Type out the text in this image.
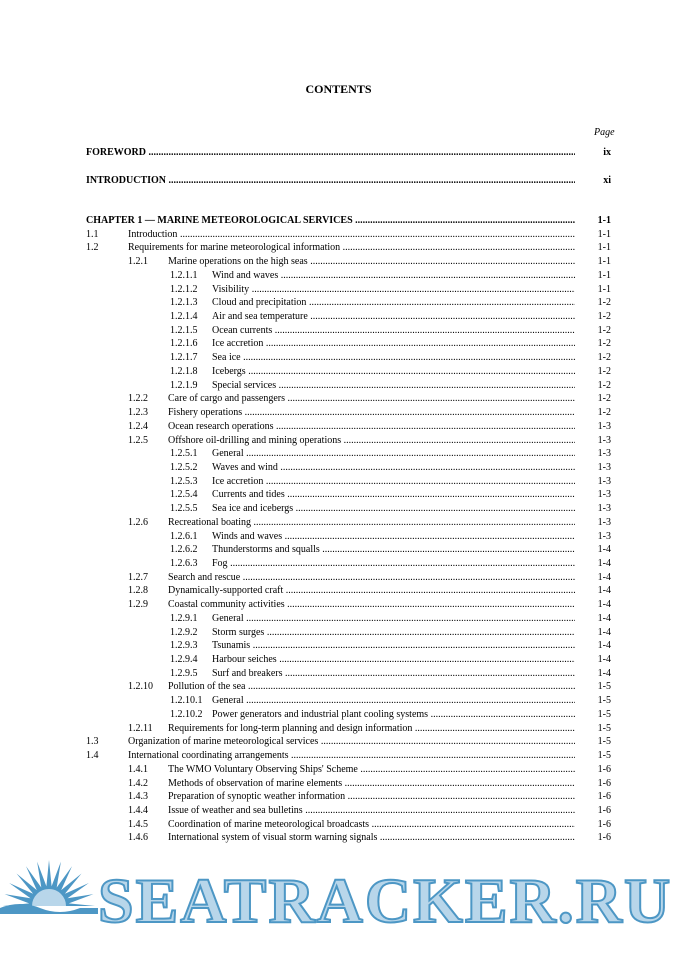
CONTENTS
Page
FOREWORD .....	ix
INTRODUCTION .....	xi
CHAPTER 1 — MARINE METEOROLOGICAL SERVICES .....	1-1
1.1	Introduction .....	1-1
1.2	Requirements for marine meteorological information .....	1-1
1.2.1 Marine operations on the high seas .....	1-1
1.2.1.1 Wind and waves .....	1-1
1.2.1.2 Visibility .....	1-1
1.2.1.3 Cloud and precipitation .....	1-2
1.2.1.4 Air and sea temperature .....	1-2
1.2.1.5 Ocean currents .....	1-2
1.2.1.6 Ice accretion .....	1-2
1.2.1.7 Sea ice .....	1-2
1.2.1.8 Icebergs .....	1-2
1.2.1.9 Special services .....	1-2
1.2.2 Care of cargo and passengers .....	1-2
1.2.3 Fishery operations .....	1-2
1.2.4 Ocean research operations .....	1-3
1.2.5 Offshore oil-drilling and mining operations .....	1-3
1.2.5.1 General .....	1-3
1.2.5.2 Waves and wind .....	1-3
1.2.5.3 Ice accretion .....	1-3
1.2.5.4 Currents and tides .....	1-3
1.2.5.5 Sea ice and icebergs .....	1-3
1.2.6 Recreational boating .....	1-3
1.2.6.1 Winds and waves .....	1-3
1.2.6.2 Thunderstorms and squalls .....	1-4
1.2.6.3 Fog .....	1-4
1.2.7 Search and rescue .....	1-4
1.2.8 Dynamically-supported craft .....	1-4
1.2.9 Coastal community activities .....	1-4
1.2.9.1 General .....	1-4
1.2.9.2 Storm surges .....	1-4
1.2.9.3 Tsunamis .....	1-4
1.2.9.4 Harbour seiches .....	1-4
1.2.9.5 Surf and breakers .....	1-4
1.2.10 Pollution of the sea .....	1-5
1.2.10.1 General .....	1-5
1.2.10.2 Power generators and industrial plant cooling systems .....	1-5
1.2.11 Requirements for long-term planning and design information .....	1-5
1.3	Organization of marine meteorological services .....	1-5
1.4	International coordinating arrangements .....	1-5
1.4.1 The WMO Voluntary Observing Ships' Scheme .....	1-6
1.4.2 Methods of observation of marine elements .....	1-6
1.4.3 Preparation of synoptic weather information .....	1-6
1.4.4 Issue of weather and sea bulletins .....	1-6
1.4.5 Coordination of marine meteorological broadcasts .....	1-6
1.4.6 International system of visual storm warning signals .....	1-6
SEATRACKER.RU
